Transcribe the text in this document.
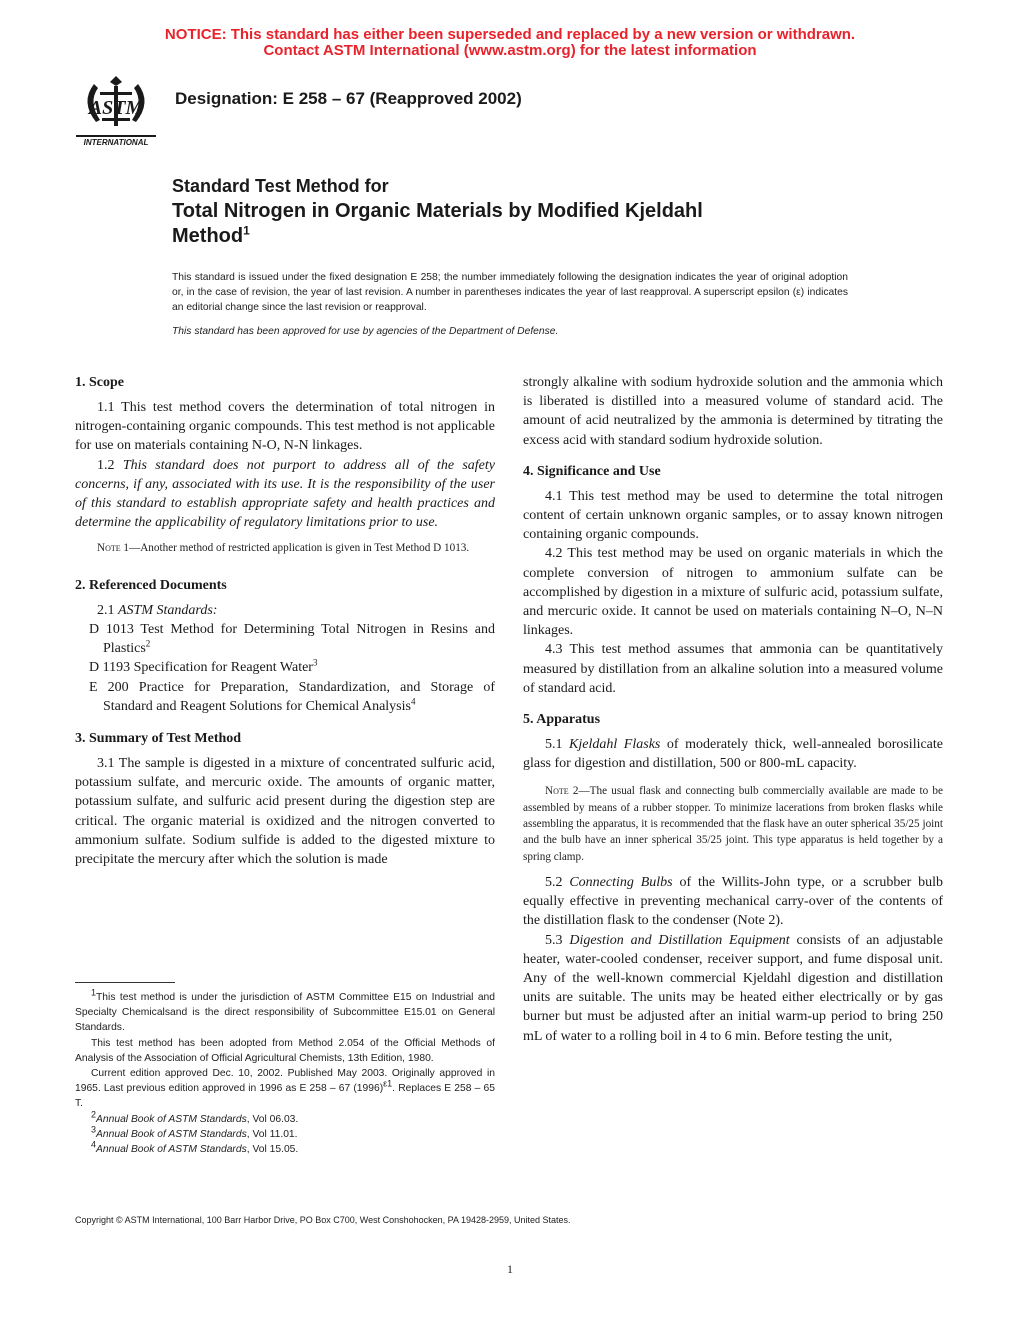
NOTICE: This standard has either been superseded and replaced by a new version or withdrawn.
Contact ASTM International (www.astm.org) for the latest information
ASTM
INTERNATIONAL
Designation: E 258 – 67 (Reapproved 2002)
Standard Test Method for
Total Nitrogen in Organic Materials by Modified Kjeldahl
Method$^1$
This standard is issued under the fixed designation E 258; the number immediately following the designation indicates the year of original adoption or, in the case of revision, the year of last revision. A number in parentheses indicates the year of last reapproval. A superscript epsilon (ε) indicates an editorial change since the last revision or reapproval.
This standard has been approved for use by agencies of the Department of Defense.
1. Scope

1.1 This test method covers the determination of total nitrogen in nitrogen-containing organic compounds. This test method is not applicable for use on materials containing N-O, N-N linkages.

1.2 This standard does not purport to address all of the safety concerns, if any, associated with its use. It is the responsibility of the user of this standard to establish appropriate safety and health practices and determine the applicability of regulatory limitations prior to use.

Note 1—Another method of restricted application is given in Test Method D 1013.

2. Referenced Documents

2.1 ASTM Standards:

D 1013 Test Method for Determining Total Nitrogen in Resins and Plastics$^2$

D 1193 Specification for Reagent Water$^3$

E 200 Practice for Preparation, Standardization, and Storage of Standard and Reagent Solutions for Chemical Analysis$^4$

3. Summary of Test Method

3.1 The sample is digested in a mixture of concentrated sulfuric acid, potassium sulfate, and mercuric oxide. The amounts of organic matter, potassium sulfate, and sulfuric acid present during the digestion step are critical. The organic material is oxidized and the nitrogen converted to ammonium sulfate. Sodium sulfide is added to the digested mixture to precipitate the mercury after which the solution is made

$^1$This test method is under the jurisdiction of ASTM Committee E15 on Industrial and Specialty Chemicalsand is the direct responsibility of Subcommittee E15.01 on General Standards.

This test method has been adopted from Method 2.054 of the Official Methods of Analysis of the Association of Official Agricultural Chemists, 13th Edition, 1980.

Current edition approved Dec. 10, 2002. Published May 2003. Originally approved in 1965. Last previous edition approved in 1996 as E 258 – 67 $(1996)^{\varepsilon 1}$. Replaces E 258 – 65 T.

$^2$Annual Book of ASTM Standards, Vol 06.03.

$^3$Annual Book of ASTM Standards, Vol 11.01.

$^4$Annual Book of ASTM Standards, Vol 15.05.

strongly alkaline with sodium hydroxide solution and the ammonia which is liberated is distilled into a measured volume of standard acid. The amount of acid neutralized by the ammonia is determined by titrating the excess acid with standard sodium hydroxide solution.

4. Significance and Use

4.1 This test method may be used to determine the total nitrogen content of certain unknown organic samples, or to assay known nitrogen containing organic compounds.

4.2 This test method may be used on organic materials in which the complete conversion of nitrogen to ammonium sulfate can be accomplished by digestion in a mixture of sulfuric acid, potassium sulfate, and mercuric oxide. It cannot be used on materials containing N–O, N–N linkages.

4.3 This test method assumes that ammonia can be quantitatively measured by distillation from an alkaline solution into a measured volume of standard acid.

5. Apparatus

5.1 Kjeldahl Flasks of moderately thick, well-annealed borosilicate glass for digestion and distillation, 500 or 800-mL capacity.

Note 2—The usual flask and connecting bulb commercially available are made to be assembled by means of a rubber stopper. To minimize lacerations from broken flasks while assembling the apparatus, it is recommended that the flask have an outer spherical 35/25 joint and the bulb have an inner spherical 35/25 joint. This type apparatus is held together by a spring clamp.

5.2 Connecting Bulbs of the Willits-John type, or a scrubber bulb equally effective in preventing mechanical carry-over of the contents of the distillation flask to the condenser (Note 2).

5.3 Digestion and Distillation Equipment consists of an adjustable heater, water-cooled condenser, receiver support, and fume disposal unit. Any of the well-known commercial Kjeldahl digestion and distillation units are suitable. The units may be heated either electrically or by gas burner but must be adjusted after an initial warm-up period to bring 250 mL of water to a rolling boil in 4 to 6 min. Before testing the unit,

Copyright © ASTM International, 100 Barr Harbor Drive, PO Box C700, West Conshohocken, PA 19428-2959, United States.
1
